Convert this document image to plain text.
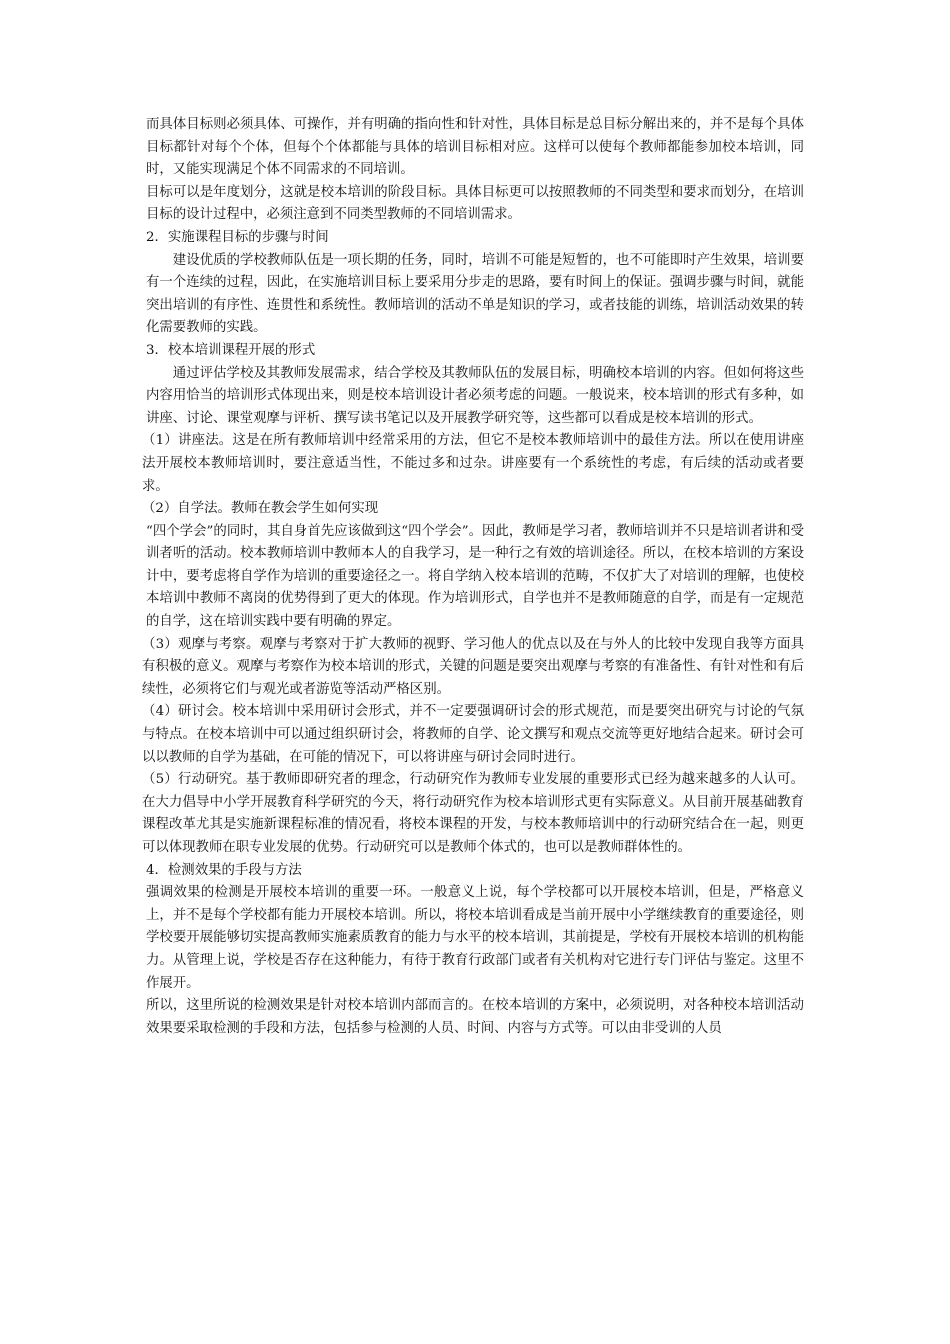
而具体目标则必须具体、可操作，并有明确的指向性和针对性，具体目标是总目标分解出来的，并不是每个具体目标都针对每个个体，但每个个体都能与具体的培训目标相对应。这样可以使每个教师都能参加校本培训，同时，又能实现满足个体不同需求的不同培训。

目标可以是年度划分，这就是校本培训的阶段目标。具体目标更可以按照教师的不同类型和要求而划分，在培训目标的设计过程中，必须注意到不同类型教师的不同培训需求。

2．实施课程目标的步骤与时间

建设优质的学校教师队伍是一项长期的任务，同时，培训不可能是短暂的，也不可能即时产生效果，培训要有一个连续的过程，因此，在实施培训目标上要采用分步走的思路，要有时间上的保证。强调步骤与时间，就能突出培训的有序性、连贯性和系统性。教师培训的活动不单是知识的学习，或者技能的训练，培训活动效果的转化需要教师的实践。

3．校本培训课程开展的形式

通过评估学校及其教师发展需求，结合学校及其教师队伍的发展目标，明确校本培训的内容。但如何将这些内容用恰当的培训形式体现出来，则是校本培训设计者必须考虑的问题。一般说来，校本培训的形式有多种，如讲座、讨论、课堂观摩与评析、撰写读书笔记以及开展教学研究等，这些都可以看成是校本培训的形式。

（1）讲座法。这是在所有教师培训中经常采用的方法，但它不是校本教师培训中的最佳方法。所以在使用讲座法开展校本教师培训时，要注意适当性，不能过多和过杂。讲座要有一个系统性的考虑，有后续的活动或者要求。

（2）自学法。教师在教会学生如何实现

“四个学会”的同时，其自身首先应该做到这“四个学会”。因此，教师是学习者，教师培训并不只是培训者讲和受训者听的活动。校本教师培训中教师本人的自我学习，是一种行之有效的培训途径。所以，在校本培训的方案设计中，要考虑将自学作为培训的重要途径之一。将自学纳入校本培训的范畴，不仅扩大了对培训的理解，也使校本培训中教师不离岗的优势得到了更大的体现。作为培训形式，自学也并不是教师随意的自学，而是有一定规范的自学，这在培训实践中要有明确的界定。

（3）观摩与考察。观摩与考察对于扩大教师的视野、学习他人的优点以及在与外人的比较中发现自我等方面具有积极的意义。观摩与考察作为校本培训的形式，关键的问题是要突出观摩与考察的有准备性、有针对性和有后续性，必须将它们与观光或者游览等活动严格区别。

（4）研讨会。校本培训中采用研讨会形式，并不一定要强调研讨会的形式规范，而是要突出研究与讨论的气氛与特点。在校本培训中可以通过组织研讨会，将教师的自学、论文撰写和观点交流等更好地结合起来。研讨会可以以教师的自学为基础，在可能的情况下，可以将讲座与研讨会同时进行。

（5）行动研究。基于教师即研究者的理念，行动研究作为教师专业发展的重要形式已经为越来越多的人认可。在大力倡导中小学开展教育科学研究的今天，将行动研究作为校本培训形式更有实际意义。从目前开展基础教育课程改革尤其是实施新课程标准的情况看，将校本课程的开发，与校本教师培训中的行动研究结合在一起，则更可以体现教师在职专业发展的优势。行动研究可以是教师个体式的，也可以是教师群体性的。

4．检测效果的手段与方法

强调效果的检测是开展校本培训的重要一环。一般意义上说，每个学校都可以开展校本培训，但是，严格意义上，并不是每个学校都有能力开展校本培训。所以，将校本培训看成是当前开展中小学继续教育的重要途径，则学校要开展能够切实提高教师实施素质教育的能力与水平的校本培训，其前提是，学校有开展校本培训的机构能力。从管理上说，学校是否存在这种能力，有待于教育行政部门或者有关机构对它进行专门评估与鉴定。这里不作展开。

所以，这里所说的检测效果是针对校本培训内部而言的。在校本培训的方案中，必须说明，对各种校本培训活动效果要采取检测的手段和方法，包括参与检测的人员、时间、内容与方式等。可以由非受训的人员
